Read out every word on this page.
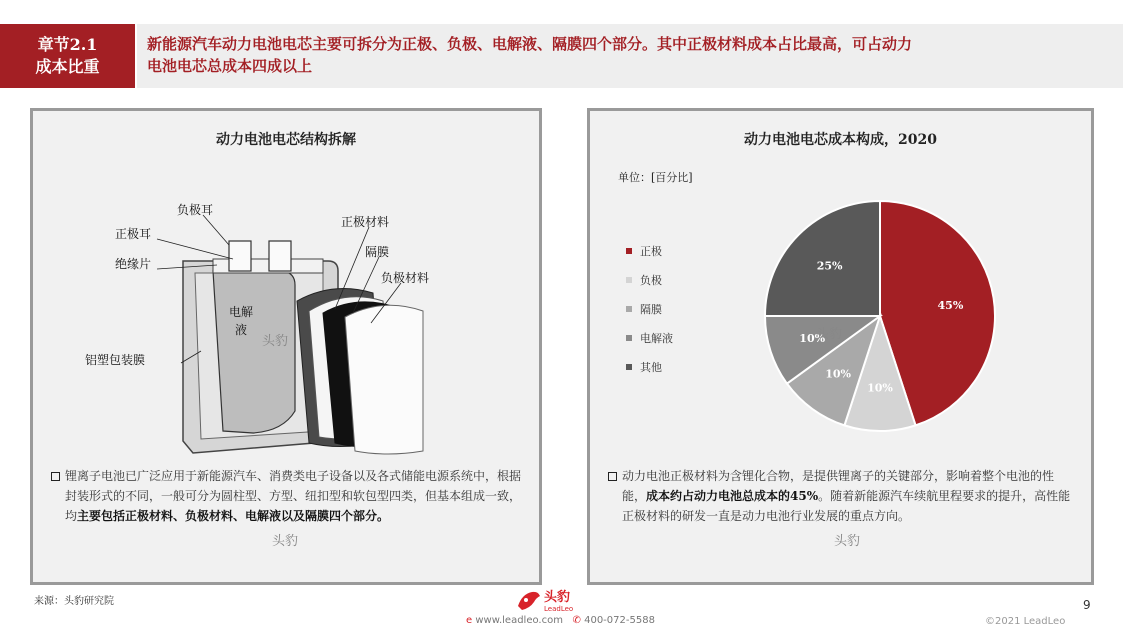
章节2.1
成本比重
新能源汽车动力电池电芯主要可拆分为正极、负极、电解液、隔膜四个部分。其中正极材料成本占比最高，可占动力
电池电芯总成本四成以上
动力电池电芯结构拆解
负极耳
正极耳
绝缘片
正极材料
隔膜
负极材料
电解
液
铝塑包装膜
锂离子电池已广泛应用于新能源汽车、消费类电子设备以及各式储能电源系统中，根据封装形式的不同，一般可分为圆柱型、方型、纽扣型和软包型四类，但基本组成一致，均主要包括正极材料、负极材料、电解液以及隔膜四个部分。
动力电池电芯成本构成，2020
单位：[百分比]
正极
负极
隔膜
电解液
其他
45%
10%
10%
10%
25%
动力电池正极材料为含锂化合物，是提供锂离子的关键部分，影响着整个电池的性能，成本约占动力电池总成本的45%。随着新能源汽车续航里程要求的提升，高性能正极材料的研发一直是动力电池行业发展的重点方向。
头豹	头豹
头豹	头豹
来源：头豹研究院	头豹
LeadLeo
e www.leadleo.com ✆ 400-072-5588
9
©2021 LeadLeo
